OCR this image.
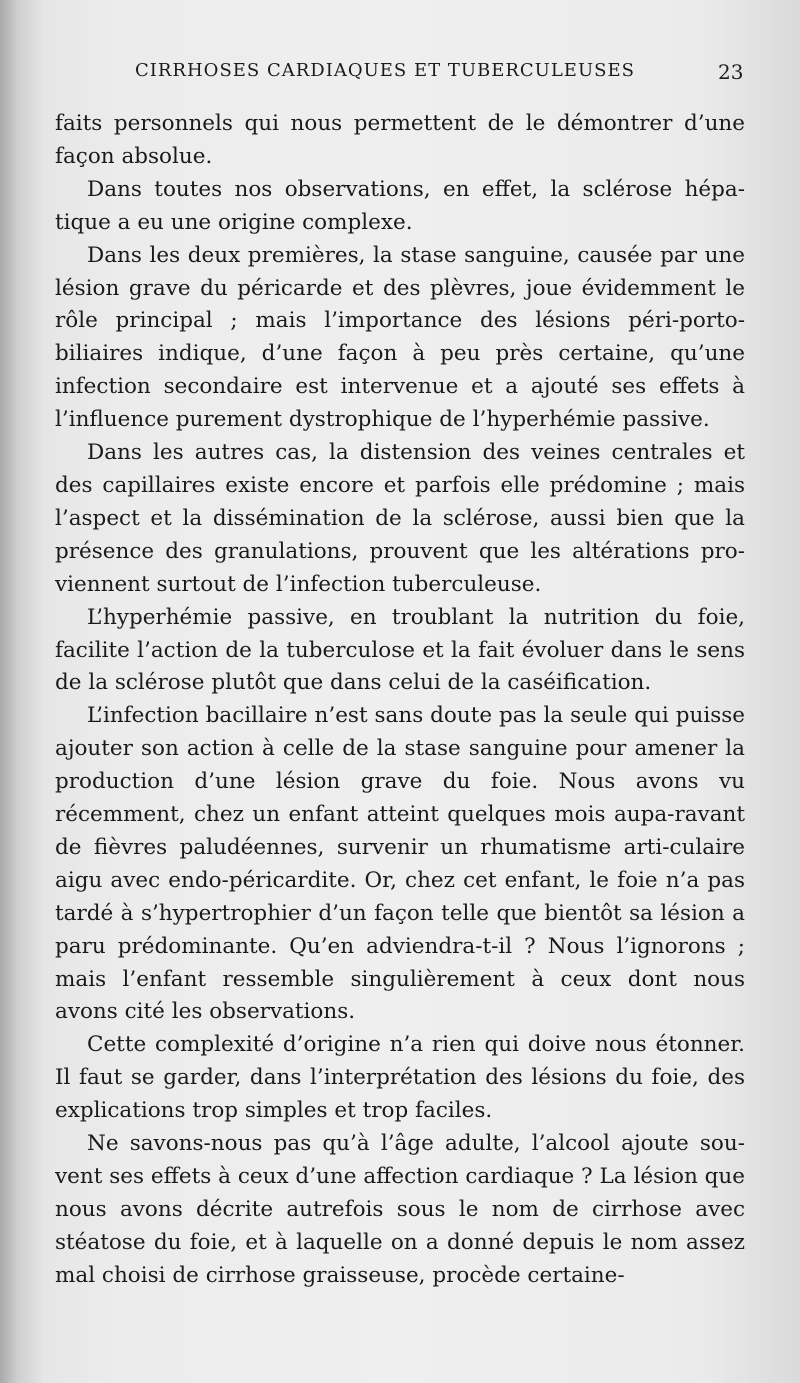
CIRRHOSES CARDIAQUES ET TUBERCULEUSES	23

faits personnels qui nous permettent de le démontrer d’une façon absolue.

Dans toutes nos observations, en effet, la sclérose hépa-tique a eu une origine complexe.

Dans les deux premières, la stase sanguine, causée par une lésion grave du péricarde et des plèvres, joue évidemment le rôle principal ; mais l’importance des lésions péri-porto-biliaires indique, d’une façon à peu près certaine, qu’une infection secondaire est intervenue et a ajouté ses effets à l’influence purement dystrophique de l’hyperhémie passive.

Dans les autres cas, la distension des veines centrales et des capillaires existe encore et parfois elle prédomine ; mais l’aspect et la dissémination de la sclérose, aussi bien que la présence des granulations, prouvent que les altérations pro-viennent surtout de l’infection tuberculeuse.

L’hyperhémie passive, en troublant la nutrition du foie, facilite l’action de la tuberculose et la fait évoluer dans le sens de la sclérose plutôt que dans celui de la caséification.

L’infection bacillaire n’est sans doute pas la seule qui puisse ajouter son action à celle de la stase sanguine pour amener la production d’une lésion grave du foie. Nous avons vu récemment, chez un enfant atteint quelques mois aupa-ravant de fièvres paludéennes, survenir un rhumatisme arti-culaire aigu avec endo-péricardite. Or, chez cet enfant, le foie n’a pas tardé à s’hypertrophier d’un façon telle que bientôt sa lésion a paru prédominante. Qu’en adviendra-t-il ? Nous l’ignorons ; mais l’enfant ressemble singulièrement à ceux dont nous avons cité les observations.

Cette complexité d’origine n’a rien qui doive nous étonner. Il faut se garder, dans l’interprétation des lésions du foie, des explications trop simples et trop faciles.

Ne savons-nous pas qu’à l’âge adulte, l’alcool ajoute sou-vent ses effets à ceux d’une affection cardiaque ? La lésion que nous avons décrite autrefois sous le nom de cirrhose avec stéatose du foie, et à laquelle on a donné depuis le nom assez mal choisi de cirrhose graisseuse, procède certaine-
